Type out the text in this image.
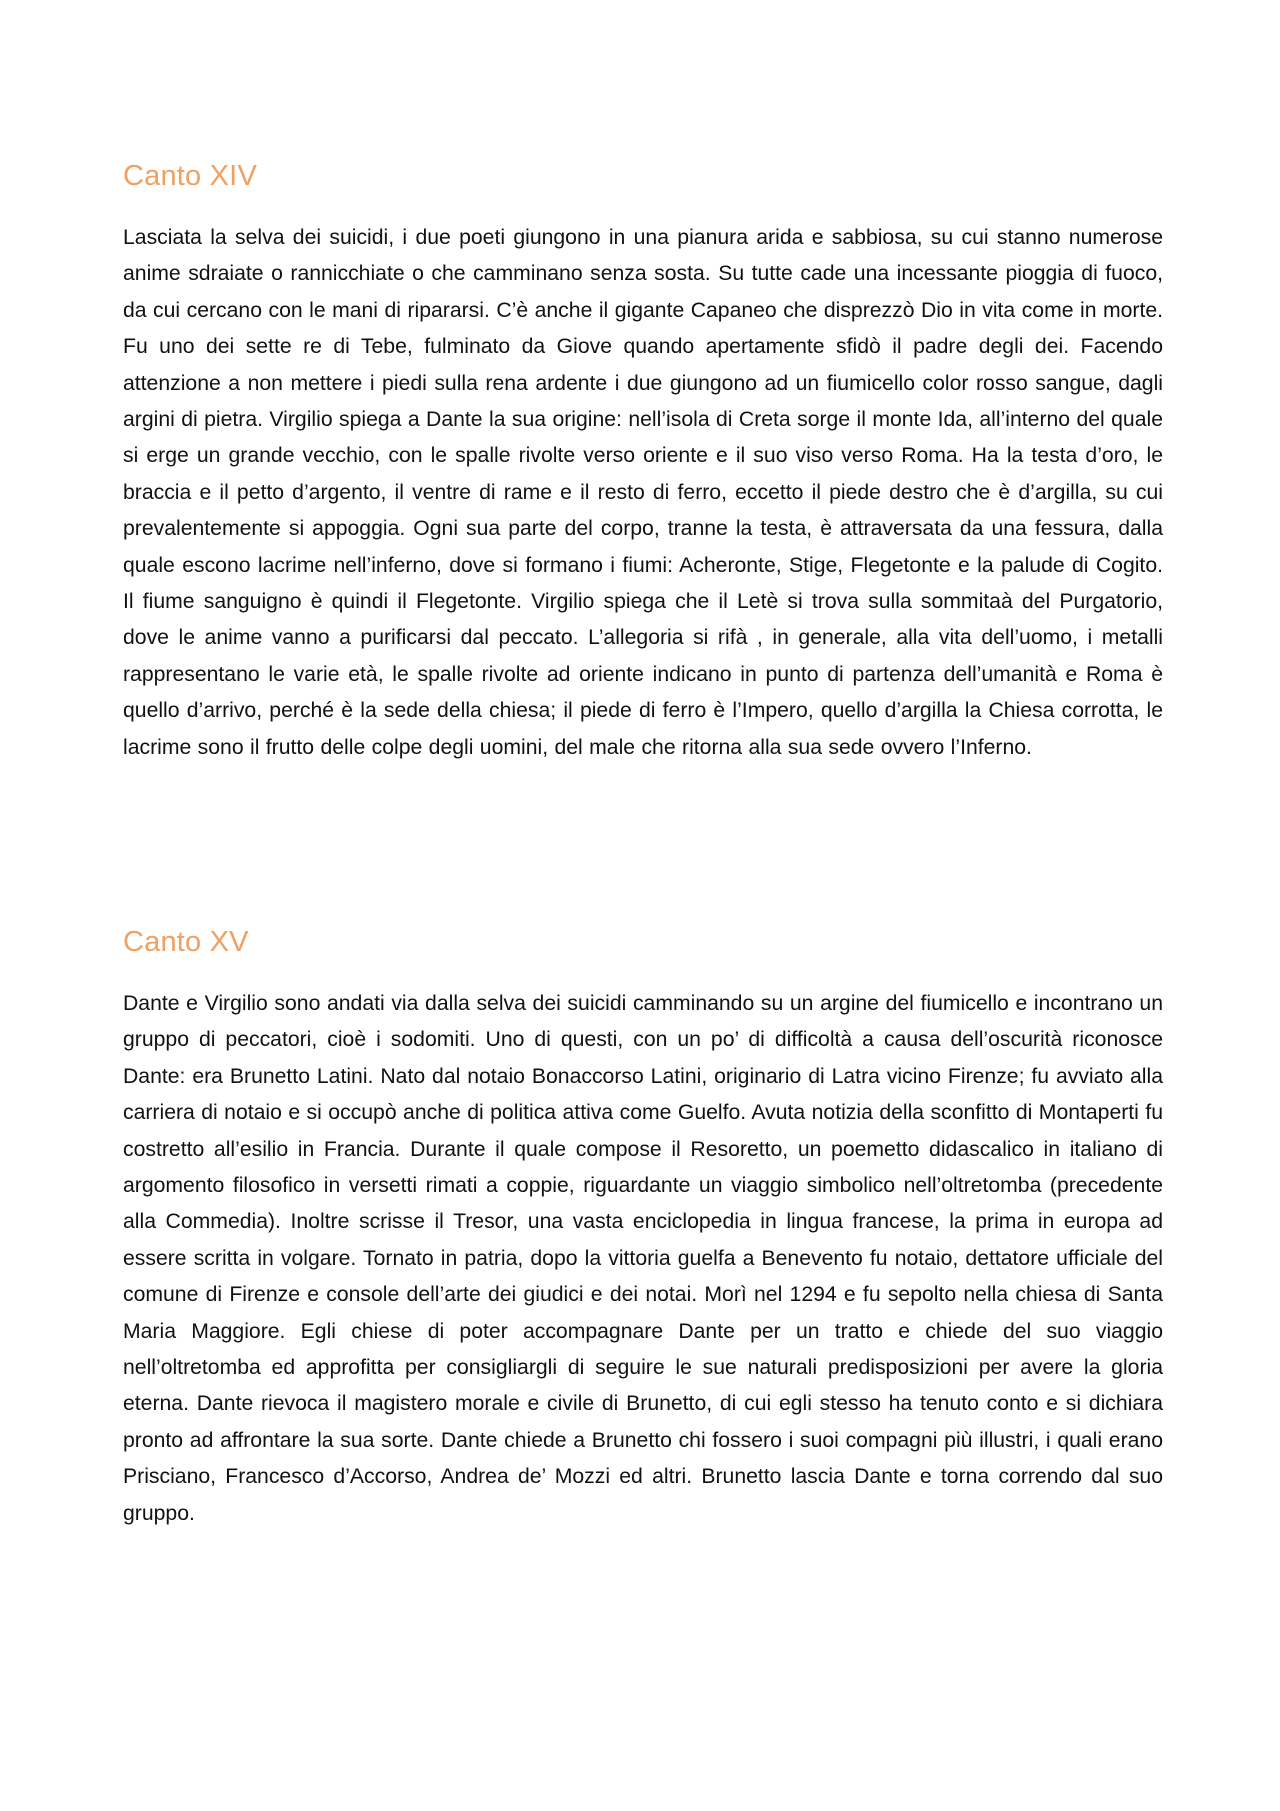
Canto XIV

Lasciata la selva dei suicidi, i due poeti giungono in una pianura arida e sabbiosa, su cui stanno numerose anime sdraiate o rannicchiate o che camminano senza sosta. Su tutte cade una incessante pioggia di fuoco, da cui cercano con le mani di ripararsi. C’è anche il gigante Capaneo che disprezzò Dio in vita come in morte. Fu uno dei sette re di Tebe, fulminato da Giove quando apertamente sfidò il padre degli dei. Facendo attenzione a non mettere i piedi sulla rena ardente i due giungono ad un fiumicello color rosso sangue, dagli argini di pietra. Virgilio spiega a Dante la sua origine: nell’isola di Creta sorge il monte Ida, all’interno del quale si erge un grande vecchio, con le spalle rivolte verso oriente e il suo viso verso Roma. Ha la testa d’oro, le braccia e il petto d’argento, il ventre di rame e il resto di ferro, eccetto il piede destro che è d’argilla, su cui prevalentemente si appoggia. Ogni sua parte del corpo, tranne la testa, è attraversata da una fessura, dalla quale escono lacrime nell’inferno, dove si formano i fiumi: Acheronte, Stige, Flegetonte e la palude di Cogito. Il fiume sanguigno è quindi il Flegetonte. Virgilio spiega che il Letè si trova sulla sommitaà del Purgatorio, dove le anime vanno a purificarsi dal peccato. L’allegoria si rifà , in generale, alla vita dell’uomo, i metalli rappresentano le varie età, le spalle rivolte ad oriente indicano in punto di partenza dell’umanità e Roma è quello d’arrivo, perché è la sede della chiesa; il piede di ferro è l’Impero, quello d’argilla la Chiesa corrotta, le lacrime sono il frutto delle colpe degli uomini, del male che ritorna alla sua sede ovvero l’Inferno.

Canto XV

Dante e Virgilio sono andati via dalla selva dei suicidi camminando su un argine del fiumicello e incontrano un gruppo di peccatori, cioè i sodomiti. Uno di questi, con un po’ di difficoltà a causa dell’oscurità riconosce Dante: era Brunetto Latini. Nato dal notaio Bonaccorso Latini, originario di Latra vicino Firenze; fu avviato alla carriera di notaio e si occupò anche di politica attiva come Guelfo. Avuta notizia della sconfitto di Montaperti fu costretto all’esilio in Francia. Durante il quale compose il Resoretto, un poemetto didascalico in italiano di argomento filosofico in versetti rimati a coppie, riguardante un viaggio simbolico nell’oltretomba (precedente alla Commedia). Inoltre scrisse il Tresor, una vasta enciclopedia in lingua francese, la prima in europa ad essere scritta in volgare. Tornato in patria, dopo la vittoria guelfa a Benevento fu notaio, dettatore ufficiale del comune di Firenze e console dell’arte dei giudici e dei notai. Morì nel 1294 e fu sepolto nella chiesa di Santa Maria Maggiore. Egli chiese di poter accompagnare Dante per un tratto e chiede del suo viaggio nell’oltretomba ed approfitta per consigliargli di seguire le sue naturali predisposizioni per avere la gloria eterna. Dante rievoca il magistero morale e civile di Brunetto, di cui egli stesso ha tenuto conto e si dichiara pronto ad affrontare la sua sorte. Dante chiede a Brunetto chi fossero i suoi compagni più illustri, i quali erano Prisciano, Francesco d’Accorso, Andrea de’ Mozzi ed altri. Brunetto lascia Dante e torna correndo dal suo gruppo.
